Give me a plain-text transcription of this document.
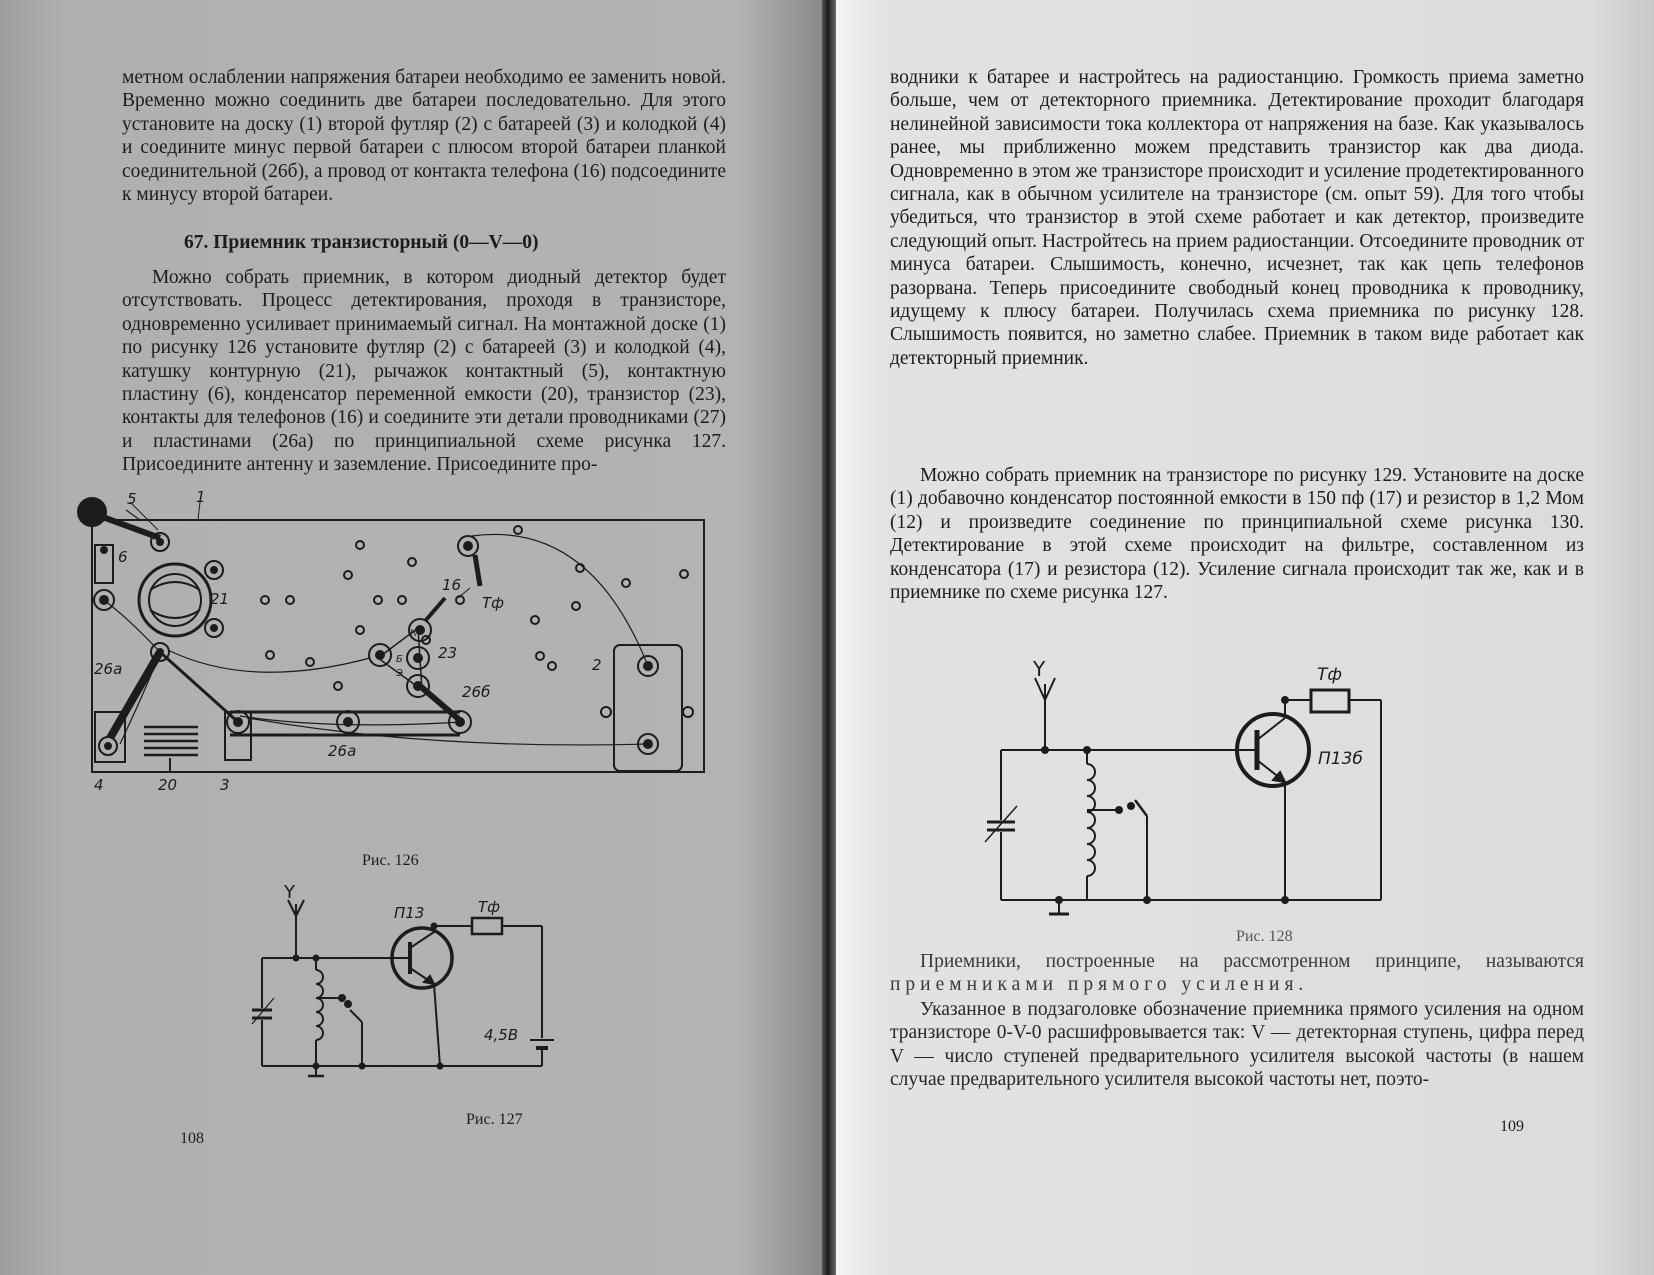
метном ослаблении напряжения батареи необходимо ее заменить новой. Временно можно соединить две батареи последовательно. Для этого установите на доску (1) второй футляр (2) с батареей (3) и колодкой (4) и соедините минус первой батареи с плюсом второй батареи планкой соединительной (26б), а провод от контакта телефона (16) подсоедините к минусу второй батареи.

67. Приемник транзисторный (0—V—0)

Можно собрать приемник, в котором диодный детектор будет отсутствовать. Процесс детектирования, проходя в транзисторе, одновременно усиливает принимаемый сигнал. На монтажной доске (1) по рисунку 126 установите футляр (2) с батареей (3) и колодкой (4), катушку контурную (21), рычажок контактный (5), контактную пластину (6), конденсатор переменной емкости (20), транзистор (23), контакты для телефонов (16) и соедините эти детали проводниками (27) и пластинами (26а) по принципиальной схеме рисунка 127. Присоедините антенну и заземление. Присоедините про-

5	1
6
21
16
Тф
2
23
26а
26б
26а
4	20	3
К
Б
Э
Рис. 126
Y
П13	Тф
4,5В
Рис. 127
108

водники к батарее и настройтесь на радиостанцию. Громкость приема заметно больше, чем от детекторного приемника. Детектирование проходит благодаря нелинейной зависимости тока коллектора от напряжения на базе. Как указывалось ранее, мы приближенно можем представить транзистор как два диода. Одновременно в этом же транзисторе происходит и усиление продетектированного сигнала, как в обычном усилителе на транзисторе (см. опыт 59). Для того чтобы убедиться, что транзистор в этой схеме работает и как детектор, произведите следующий опыт. Настройтесь на прием радиостанции. Отсоедините проводник от минуса батареи. Слышимость, конечно, исчезнет, так как цепь телефонов разорвана. Теперь присоедините свободный конец проводника к проводнику, идущему к плюсу батареи. Получилась схема приемника по рисунку 128. Слышимость появится, но заметно слабее. Приемник в таком виде работает как детекторный приемник.

Можно собрать приемник на транзисторе по рисунку 129. Установите на доске (1) добавочно конденсатор постоянной емкости в 150 пф (17) и резистор в 1,2 Мом (12) и произведите соединение по принципиальной схеме рисунка 130. Детектирование в этой схеме происходит на фильтре, составленном из конденсатора (17) и резистора (12). Усиление сигнала происходит так же, как и в приемнике по схеме рисунка 127.

Y
П13б
Тф
Рис. 128

Приемники, построенные на рассмотренном принципе, называются приемниками прямого усиления.

Указанное в подзаголовке обозначение приемника прямого усиления на одном транзисторе 0-V-0 расшифровывается так: V — детекторная ступень, цифра перед V — число ступеней предварительного усилителя высокой частоты (в нашем случае предварительного усилителя высокой частоты нет, поэто-

109
